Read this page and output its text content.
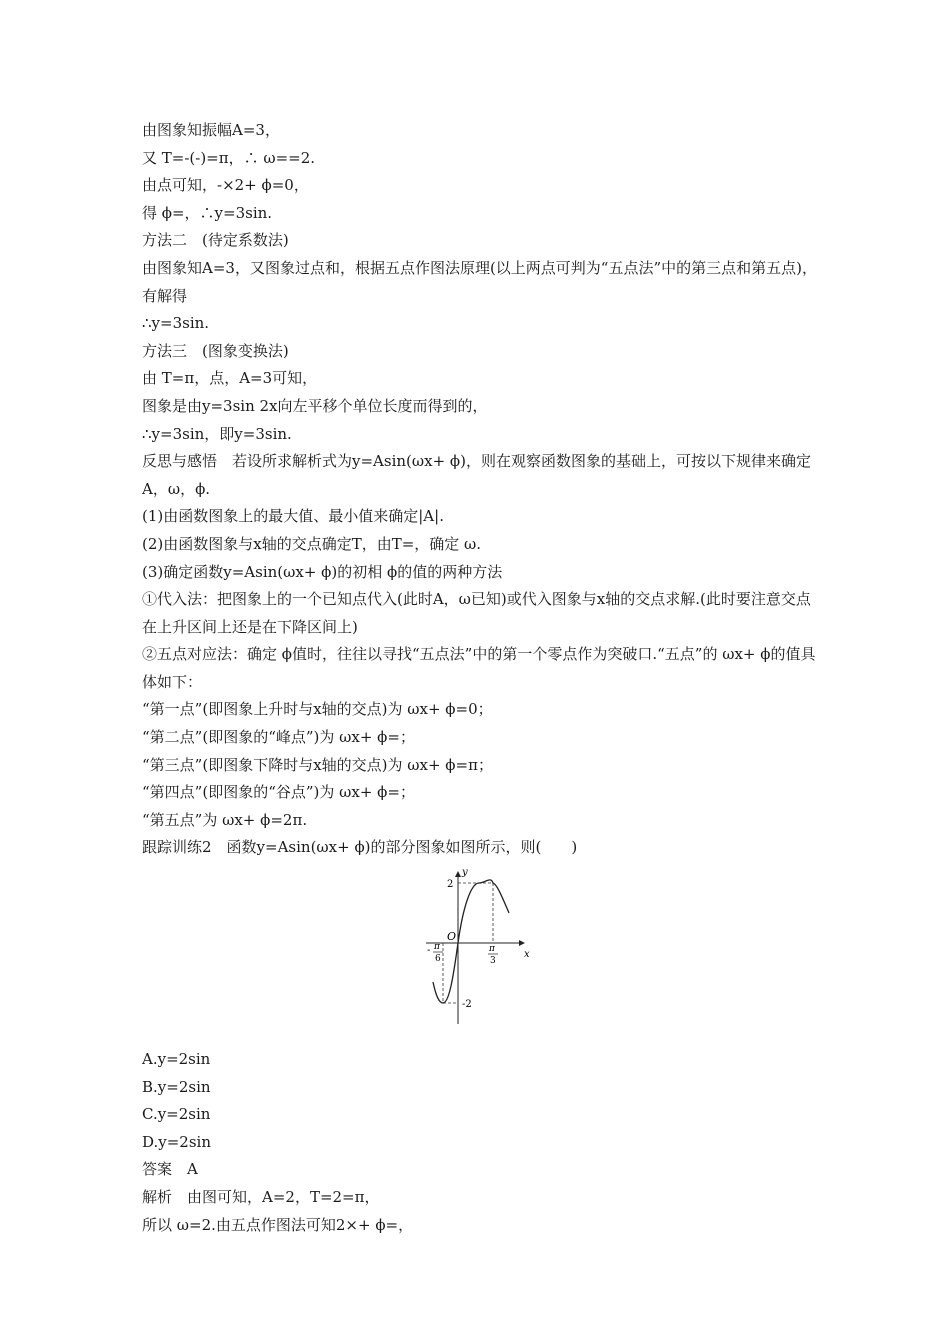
由图象知振幅A=3，
又 T=-(-)=π，∴ ω==2.
由点可知，-×2+ ϕ=0，
得 ϕ=，∴y=3sin.
方法二　(待定系数法)
由图象知A=3，又图象过点和，根据五点作图法原理(以上两点可判为“五点法”中的第三点和第五点)，有解得
∴y=3sin.
方法三　(图象变换法)
由 T=π，点，A=3可知，
图象是由y=3sin 2x向左平移个单位长度而得到的，
∴y=3sin，即y=3sin.
反思与感悟　若设所求解析式为y=Asin(ωx+ ϕ)，则在观察函数图象的基础上，可按以下规律来确定A，ω，ϕ.
(1)由函数图象上的最大值、最小值来确定|A|.
(2)由函数图象与x轴的交点确定T，由T=，确定 ω.
(3)确定函数y=Asin(ωx+ ϕ)的初相 ϕ的值的两种方法
①代入法：把图象上的一个已知点代入(此时A，ω已知)或代入图象与x轴的交点求解.(此时要注意交点在上升区间上还是在下降区间上)
②五点对应法：确定 ϕ值时，往往以寻找“五点法”中的第一个零点作为突破口.“五点”的 ωx+ ϕ的值具体如下：
“第一点”(即图象上升时与x轴的交点)为 ωx+ ϕ=0；
“第二点”(即图象的“峰点”)为 ωx+ ϕ=；
“第三点”(即图象下降时与x轴的交点)为 ωx+ ϕ=π；
“第四点”(即图象的“谷点”)为 ωx+ ϕ=；
“第五点”为 ωx+ ϕ=2π.
跟踪训练2　函数y=Asin(ωx+ ϕ)的部分图象如图所示，则(　　)
y
x
O
2
-2
- π
6
π
3
A.y=2sin
B.y=2sin
C.y=2sin
D.y=2sin
答案　A
解析　由图可知，A=2，T=2=π，
所以 ω=2.由五点作图法可知2×+ ϕ=，
